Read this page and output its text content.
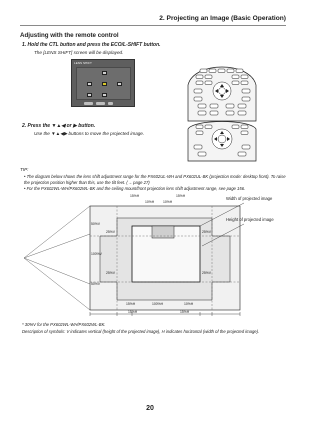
2. Projecting an Image (Basic Operation)
Adjusting with the remote control
1. Hold the CTL button and press the ECO/L-SHIFT button.
The [LENS SHIFT] screen will be displayed.
LENS SHIFT
2. Press the ▼▲◀ or ▶ button.
Use the ▼▲◀▶ buttons to move the projected image.
TIP:
• The diagram below shows the lens shift adjustment range for the PX602UL-WH and PX602UL-BK (projection mode: desktop front). To raise the projection position higher than this, use the tilt feet. (→ page 27)
• For the PX602WL-WH/PX602WL-BK and the ceiling mount/front projection lens shift adjustment range, see page 156.
Width of projected image
Height of projected image
15%H	15%H
10%H	10%H
50%V
100%V
50%V
25%V
25%V
25%V
25%V
15%H	100%H	10%H
15%H	15%H
* 30%V for the PX602WL-WH/PX602WL-BK.
Description of symbols: V indicates vertical (height of the projected image), H indicates horizontal (width of the projected image).
20
